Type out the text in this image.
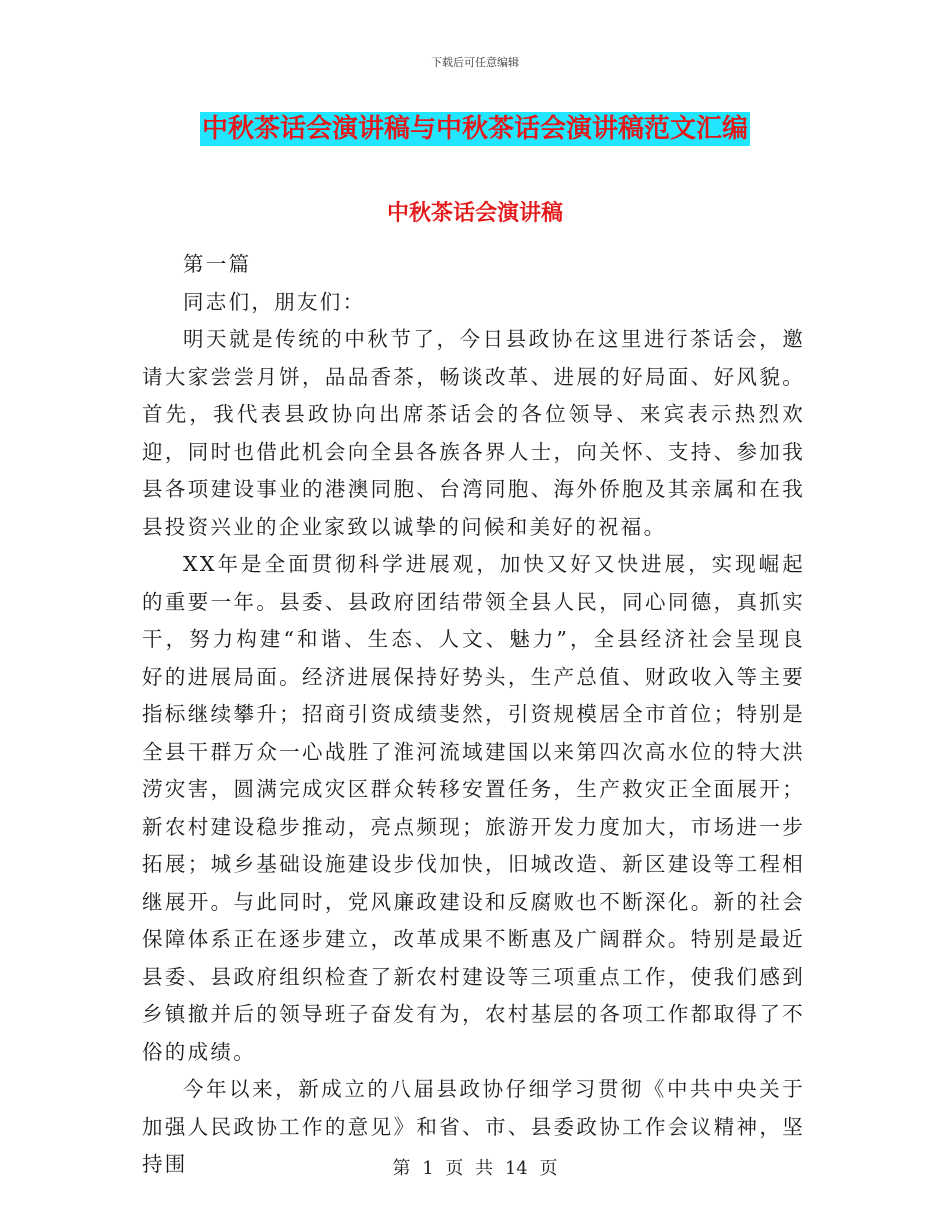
下载后可任意编辑
中秋茶话会演讲稿与中秋茶话会演讲稿范文汇编
中秋茶话会演讲稿

第一篇

同志们，朋友们：

明天就是传统的中秋节了，今日县政协在这里进行茶话会，邀请大家尝尝月饼，品品香茶，畅谈改革、进展的好局面、好风貌。首先，我代表县政协向出席茶话会的各位领导、来宾表示热烈欢迎，同时也借此机会向全县各族各界人士，向关怀、支持、参加我县各项建设事业的港澳同胞、台湾同胞、海外侨胞及其亲属和在我县投资兴业的企业家致以诚挚的问候和美好的祝福。

XX年是全面贯彻科学进展观，加快又好又快进展，实现崛起的重要一年。县委、县政府团结带领全县人民，同心同德，真抓实干，努力构建“和谐、生态、人文、魅力”，全县经济社会呈现良好的进展局面。经济进展保持好势头，生产总值、财政收入等主要指标继续攀升；招商引资成绩斐然，引资规模居全市首位；特别是全县干群万众一心战胜了淮河流域建国以来第四次高水位的特大洪涝灾害，圆满完成灾区群众转移安置任务，生产救灾正全面展开；新农村建设稳步推动，亮点频现；旅游开发力度加大，市场进一步拓展；城乡基础设施建设步伐加快，旧城改造、新区建设等工程相继展开。与此同时，党风廉政建设和反腐败也不断深化。新的社会保障体系正在逐步建立，改革成果不断惠及广阔群众。特别是最近县委、县政府组织检查了新农村建设等三项重点工作，使我们感到乡镇撤并后的领导班子奋发有为，农村基层的各项工作都取得了不俗的成绩。

今年以来，新成立的八届县政协仔细学习贯彻《中共中央关于加强人民政协工作的意见》和省、市、县委政协工作会议精神，坚持围	第 1 页 共 14 页
